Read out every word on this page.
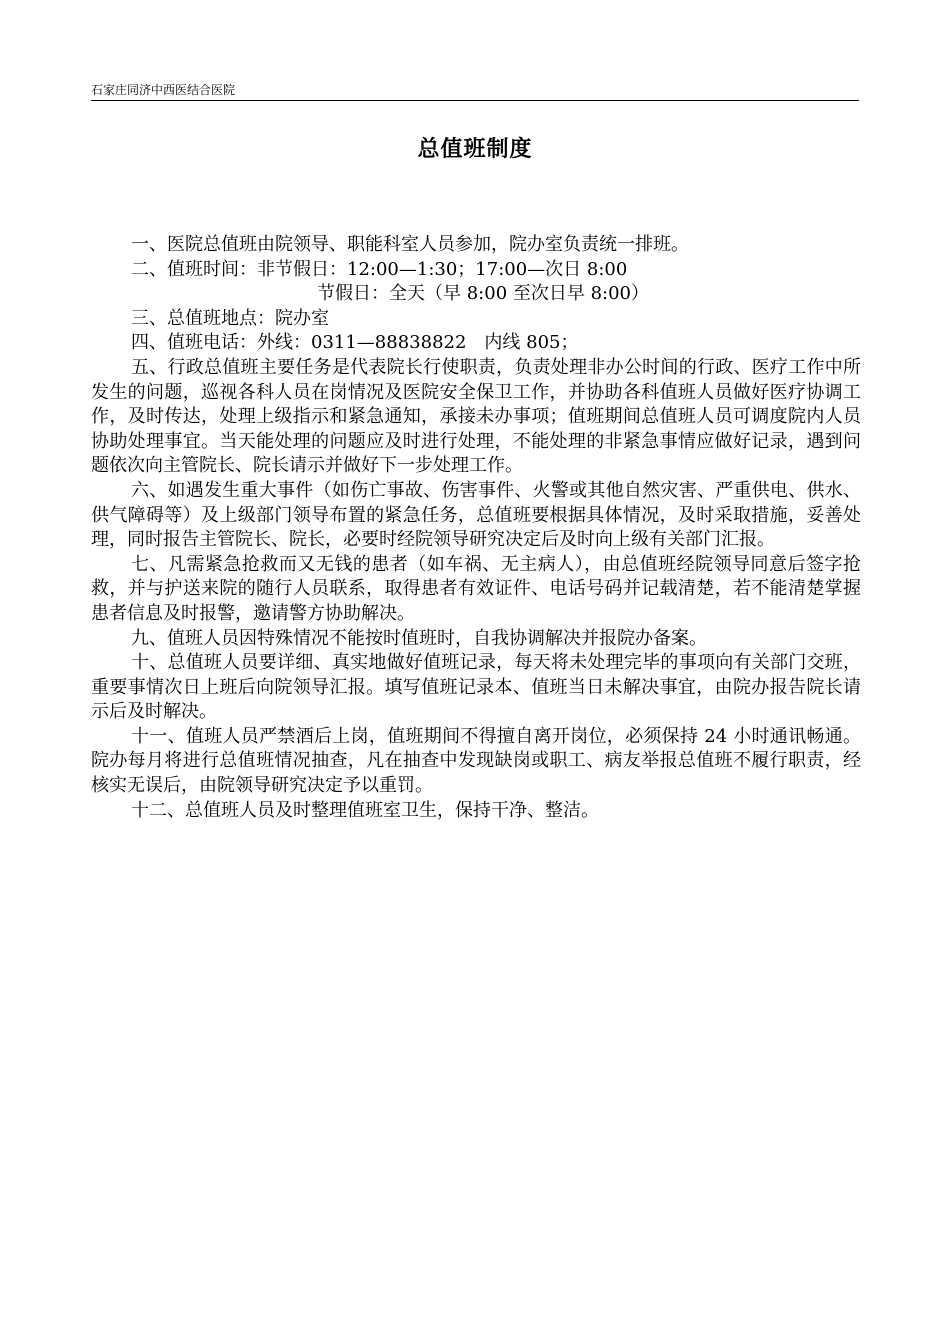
石家庄同济中西医结合医院
总值班制度

一、医院总值班由院领导、职能科室人员参加，院办室负责统一排班。

二、值班时间：非节假日：12:00—1:30；17:00—次日 8:00

节假日：全天（早 8:00 至次日早 8:00）

三、总值班地点：院办室

四、值班电话：外线：0311—88838822　内线 805；

五、行政总值班主要任务是代表院长行使职责，负责处理非办公时间的行政、医疗工作中所发生的问题，巡视各科人员在岗情况及医院安全保卫工作，并协助各科值班人员做好医疗协调工作，及时传达，处理上级指示和紧急通知，承接未办事项；值班期间总值班人员可调度院内人员协助处理事宜。当天能处理的问题应及时进行处理，不能处理的非紧急事情应做好记录，遇到问题依次向主管院长、院长请示并做好下一步处理工作。

六、如遇发生重大事件（如伤亡事故、伤害事件、火警或其他自然灾害、严重供电、供水、供气障碍等）及上级部门领导布置的紧急任务，总值班要根据具体情况，及时采取措施，妥善处理，同时报告主管院长、院长，必要时经院领导研究决定后及时向上级有关部门汇报。

七、凡需紧急抢救而又无钱的患者（如车祸、无主病人），由总值班经院领导同意后签字抢救，并与护送来院的随行人员联系，取得患者有效证件、电话号码并记载清楚，若不能清楚掌握患者信息及时报警，邀请警方协助解决。

九、值班人员因特殊情况不能按时值班时，自我协调解决并报院办备案。

十、总值班人员要详细、真实地做好值班记录，每天将未处理完毕的事项向有关部门交班，重要事情次日上班后向院领导汇报。填写值班记录本、值班当日未解决事宜，由院办报告院长请示后及时解决。

十一、值班人员严禁酒后上岗，值班期间不得擅自离开岗位，必须保持 24 小时通讯畅通。院办每月将进行总值班情况抽查，凡在抽查中发现缺岗或职工、病友举报总值班不履行职责，经核实无误后，由院领导研究决定予以重罚。

十二、总值班人员及时整理值班室卫生，保持干净、整洁。
